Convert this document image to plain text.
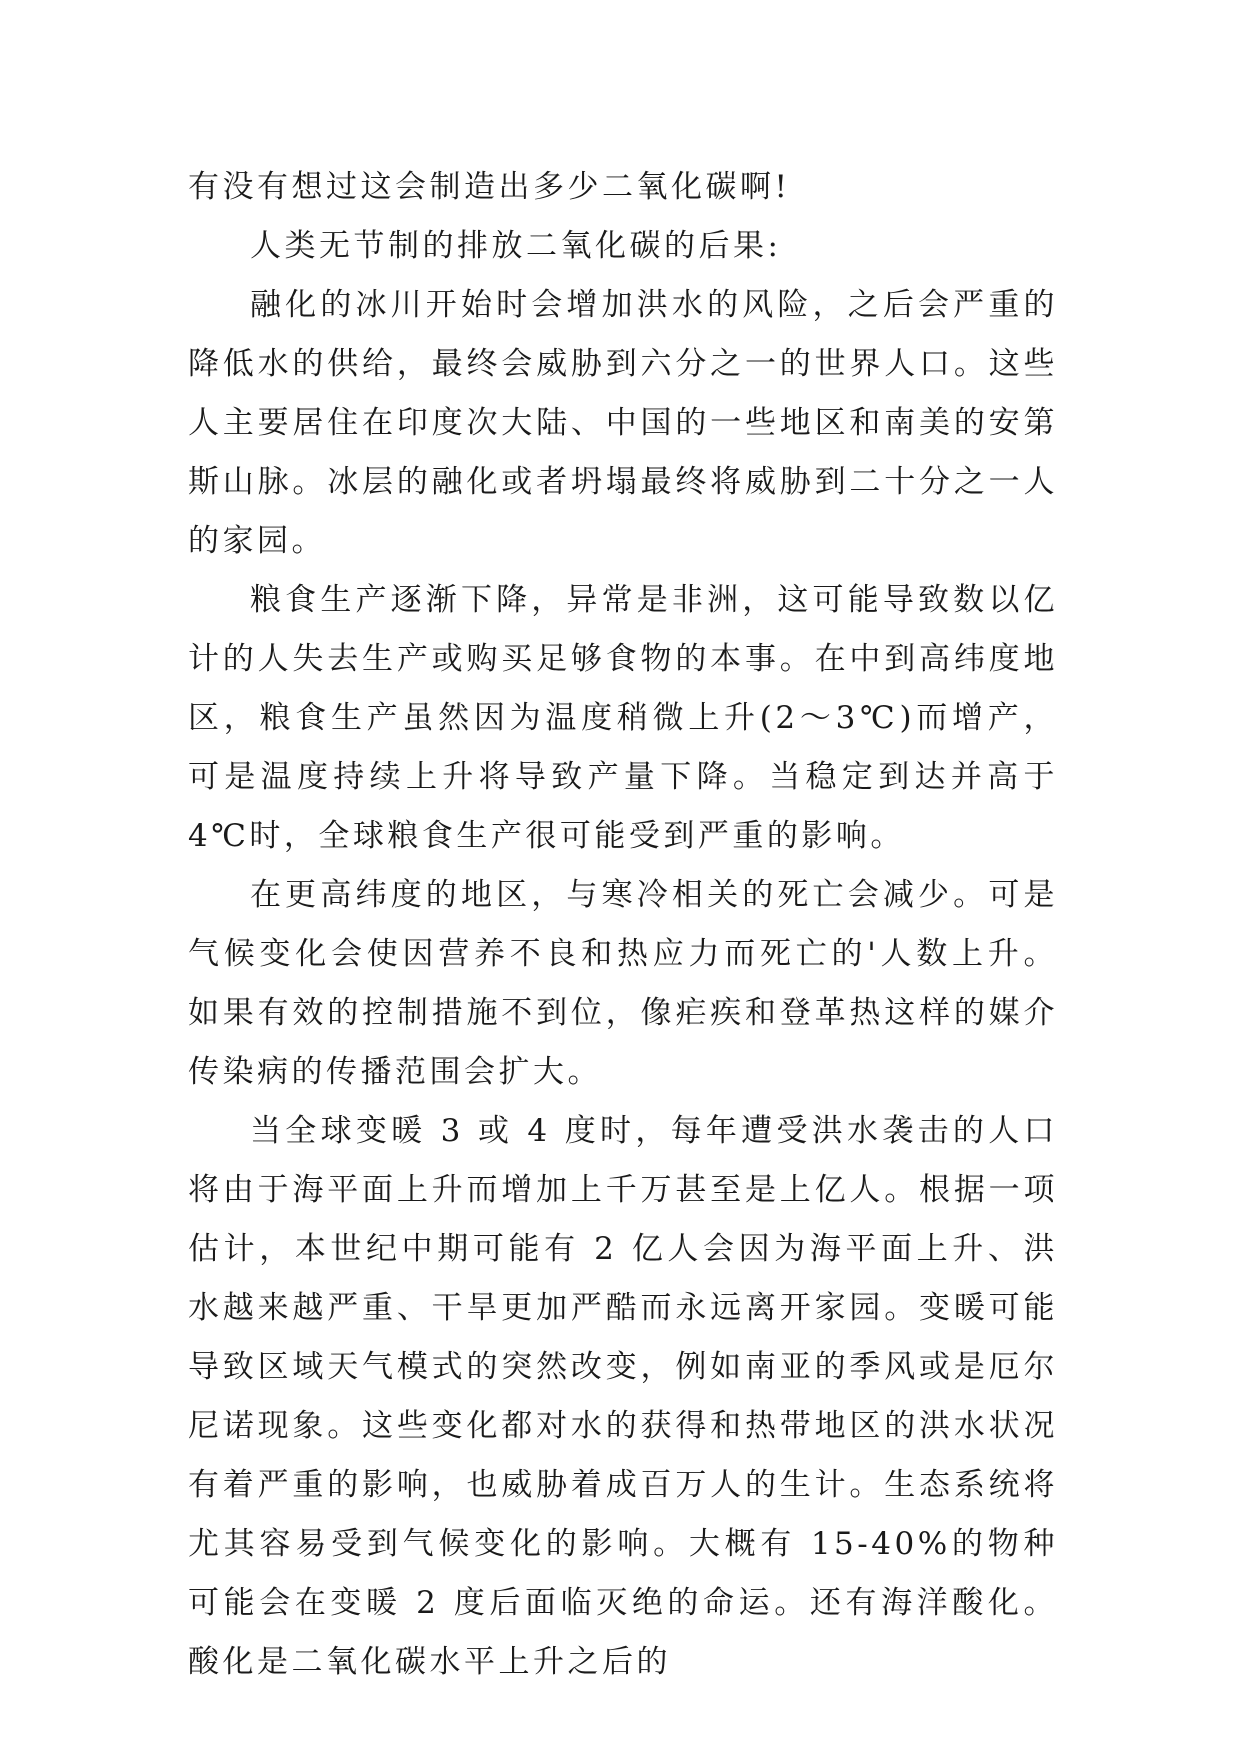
有没有想过这会制造出多少二氧化碳啊!

人类无节制的排放二氧化碳的后果:

融化的冰川开始时会增加洪水的风险，之后会严重的降低水的供给，最终会威胁到六分之一的世界人口。这些人主要居住在印度次大陆、中国的一些地区和南美的安第斯山脉。冰层的融化或者坍塌最终将威胁到二十分之一人的家园。

粮食生产逐渐下降，异常是非洲，这可能导致数以亿计的人失去生产或购买足够食物的本事。在中到高纬度地区，粮食生产虽然因为温度稍微上升(2～3℃)而增产，可是温度持续上升将导致产量下降。当稳定到达并高于 4℃时，全球粮食生产很可能受到严重的影响。

在更高纬度的地区，与寒冷相关的死亡会减少。可是气候变化会使因营养不良和热应力而死亡的'人数上升。如果有效的控制措施不到位，像疟疾和登革热这样的媒介传染病的传播范围会扩大。

当全球变暖 3 或 4 度时，每年遭受洪水袭击的人口将由于海平面上升而增加上千万甚至是上亿人。根据一项估计，本世纪中期可能有 2 亿人会因为海平面上升、洪水越来越严重、干旱更加严酷而永远离开家园。变暖可能导致区域天气模式的突然改变，例如南亚的季风或是厄尔尼诺现象。这些变化都对水的获得和热带地区的洪水状况有着严重的影响，也威胁着成百万人的生计。生态系统将尤其容易受到气候变化的影响。大概有 15-40%的物种可能会在变暖 2 度后面临灭绝的命运。还有海洋酸化。酸化是二氧化碳水平上升之后的
